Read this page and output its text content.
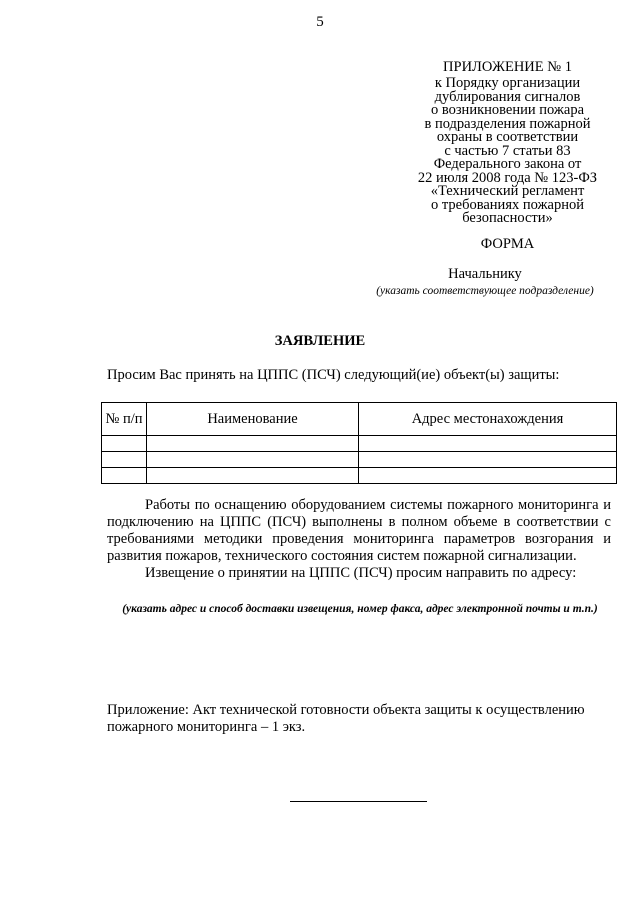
5
ПРИЛОЖЕНИЕ № 1
к Порядку организации
дублирования сигналов
о возникновении пожара
в подразделения пожарной
охраны в соответствии
с частью 7 статьи 83
Федерального закона от
22 июля 2008 года № 123-ФЗ
«Технический регламент
о требованиях пожарной
безопасности»
ФОРМА
Начальнику
(указать соответствующее подразделение)
ЗАЯВЛЕНИЕ
Просим Вас принять на ЦППС (ПСЧ) следующий(ие) объект(ы) защиты:
№ п/п	Наименование	Адрес местонахождения

Работы по оснащению оборудованием системы пожарного мониторинга и подключению на ЦППС (ПСЧ) выполнены в полном объеме в соответствии с требованиями методики проведения мониторинга параметров возгорания и развития пожаров, технического состояния систем пожарной сигнализации.

Извещение о принятии на ЦППС (ПСЧ) просим направить по адресу:

(указать адрес и способ доставки извещения, номер факса, адрес электронной почты и т.п.)
Приложение: Акт технической готовности объекта защиты к осуществлению пожарного мониторинга – 1 экз.
